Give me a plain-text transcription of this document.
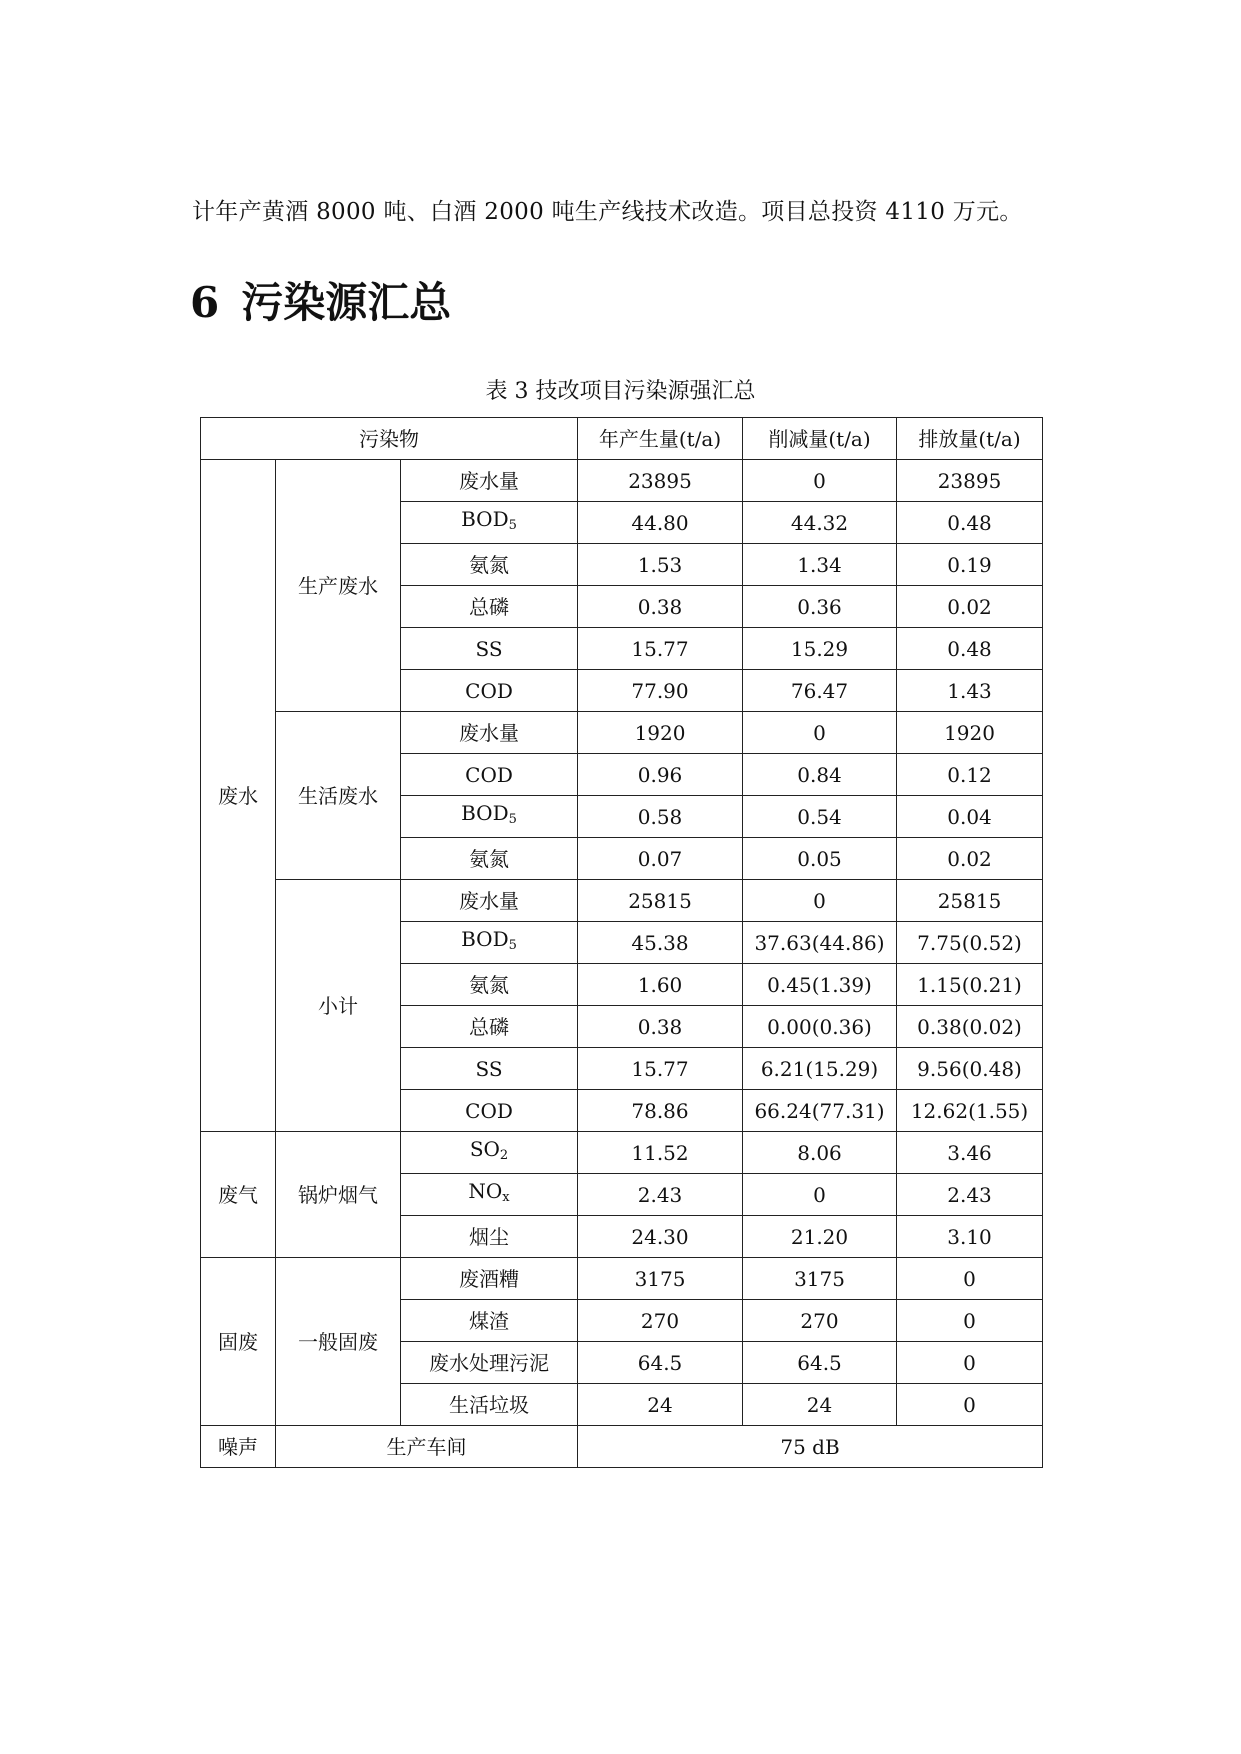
计年产黄酒 8000 吨、白酒 2000 吨生产线技术改造。项目总投资 4110 万元。
6 污染源汇总
表 3 技改项目污染源强汇总
污染物			年产生量(t/a)	削减量(t/a)	排放量(t/a)
废水	生产废水	废水量	23895	0	23895
		$BOD_5$	44.80	44.32	0.48
		氨氮	1.53	1.34	0.19
		总磷	0.38	0.36	0.02
		SS	15.77	15.29	0.48
		COD	77.90	76.47	1.43
	生活废水	废水量	1920	0	1920
		COD	0.96	0.84	0.12
		$BOD_5$	0.58	0.54	0.04
		氨氮	0.07	0.05	0.02
	小计	废水量	25815	0	25815
		$BOD_5$	45.38	37.63(44.86)	7.75(0.52)
		氨氮	1.60	0.45(1.39)	1.15(0.21)
		总磷	0.38	0.00(0.36)	0.38(0.02)
		SS	15.77	6.21(15.29)	9.56(0.48)
		COD	78.86	66.24(77.31)	12.62(1.55)
废气	锅炉烟气	$SO_2$	11.52	8.06	3.46
		$NO_x$	2.43	0	2.43
		烟尘	24.30	21.20	3.10
固废	一般固废	废酒糟	3175	3175	0
		煤渣	270	270	0
		废水处理污泥	64.5	64.5	0
		生活垃圾	24	24	0
噪声	生产车间		75 dB		
